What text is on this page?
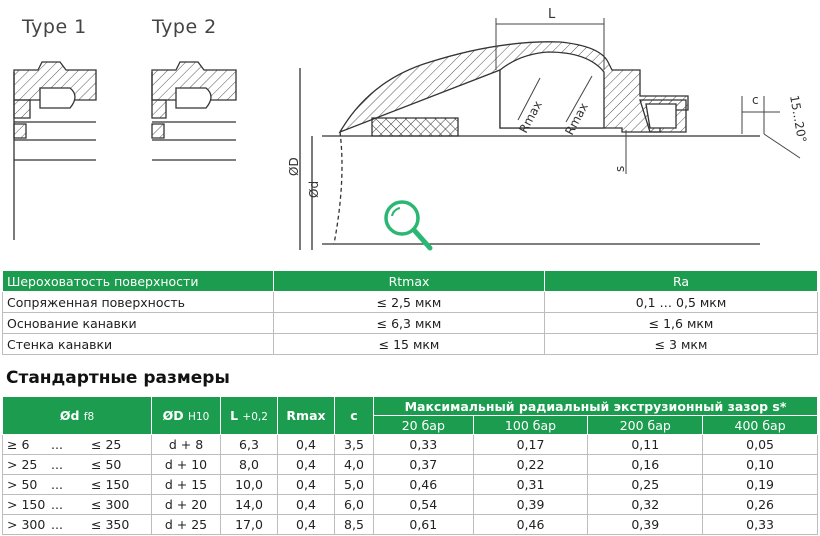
Type 1	Type 2
L
Rmax Rmax
ØD
Ød
c
s
15...20°
Шероховатость поверхности	Rtmax	Ra
Сопряженная поверхность	≤ 2,5 мкм	0,1 … 0,5 мкм
Основание канавки	≤ 6,3 мкм	≤ 1,6 мкм
Стенка канавки	≤ 15 мкм	≤ 3 мкм
Стандартные размеры
Ød f8	ØD H10	L +0,2	Rmax	c	Максимальный радиальный экструзионный зазор s*			
					20 бар	100 бар	200 бар	400 бар
≥ 6 ... ≤ 25	d + 8	6,3	0,4	3,5	0,33	0,17	0,11	0,05
> 25 ... ≤ 50	d + 10	8,0	0,4	4,0	0,37	0,22	0,16	0,10
> 50 ... ≤ 150	d + 15	10,0	0,4	5,0	0,46	0,31	0,25	0,19
> 150 ... ≤ 300	d + 20	14,0	0,4	6,0	0,54	0,39	0,32	0,26
> 300 ... ≤ 350	d + 25	17,0	0,4	8,5	0,61	0,46	0,39	0,33
